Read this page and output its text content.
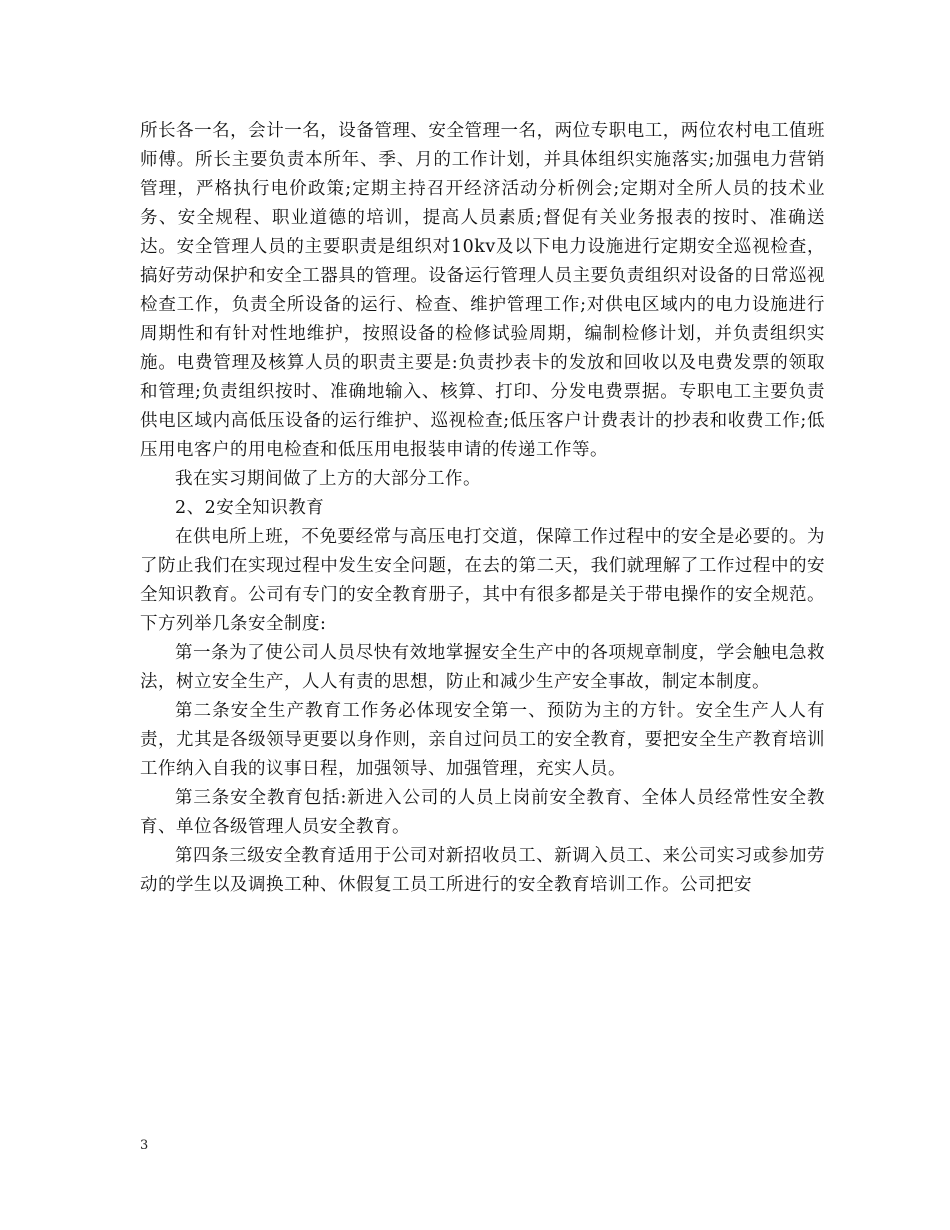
所长各一名，会计一名，设备管理、安全管理一名，两位专职电工，两位农村电工值班师傅。所长主要负责本所年、季、月的工作计划，并具体组织实施落实;加强电力营销管理，严格执行电价政策;定期主持召开经济活动分析例会;定期对全所人员的技术业务、安全规程、职业道德的培训，提高人员素质;督促有关业务报表的按时、准确送达。安全管理人员的主要职责是组织对10kv及以下电力设施进行定期安全巡视检查，搞好劳动保护和安全工器具的管理。设备运行管理人员主要负责组织对设备的日常巡视检查工作，负责全所设备的运行、检查、维护管理工作;对供电区域内的电力设施进行周期性和有针对性地维护，按照设备的检修试验周期，编制检修计划，并负责组织实施。电费管理及核算人员的职责主要是:负责抄表卡的发放和回收以及电费发票的领取和管理;负责组织按时、准确地输入、核算、打印、分发电费票据。专职电工主要负责供电区域内高低压设备的运行维护、巡视检查;低压客户计费表计的抄表和收费工作;低压用电客户的用电检查和低压用电报装申请的传递工作等。

我在实习期间做了上方的大部分工作。

2、2安全知识教育

在供电所上班，不免要经常与高压电打交道，保障工作过程中的安全是必要的。为了防止我们在实现过程中发生安全问题，在去的第二天，我们就理解了工作过程中的安全知识教育。公司有专门的安全教育册子，其中有很多都是关于带电操作的安全规范。下方列举几条安全制度:

第一条为了使公司人员尽快有效地掌握安全生产中的各项规章制度，学会触电急救法，树立安全生产，人人有责的思想，防止和减少生产安全事故，制定本制度。

第二条安全生产教育工作务必体现安全第一、预防为主的方针。安全生产人人有责，尤其是各级领导更要以身作则，亲自过问员工的安全教育，要把安全生产教育培训工作纳入自我的议事日程，加强领导、加强管理，充实人员。

第三条安全教育包括:新进入公司的人员上岗前安全教育、全体人员经常性安全教育、单位各级管理人员安全教育。

第四条三级安全教育适用于公司对新招收员工、新调入员工、来公司实习或参加劳动的学生以及调换工种、休假复工员工所进行的安全教育培训工作。公司把安

3
